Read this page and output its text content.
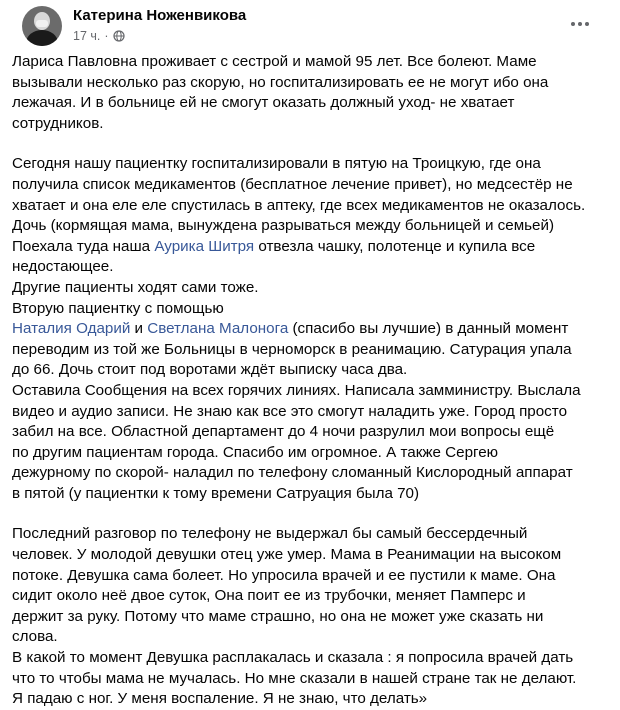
Катерина Ноженвикова
17 ч. ·
Лариса Павловна проживает с сестрой и мамой 95 лет. Все болеют. Маме
вызывали несколько раз скорую, но госпитализировать ее не могут ибо она
лежачая. И в больнице ей не смогут оказать должный уход- не хватает
сотрудников.
Сегодня нашу пациентку госпитализировали в пятую на Троицкую, где она
получила список медикаментов (бесплатное лечение привет), но медсестёр не
хватает и она еле еле спустилась в аптеку, где всех медикаментов не оказалось.
Дочь (кормящая мама, вынуждена разрываться между больницей и семьей)
Поехала туда наша Аурика Шитря отвезла чашку, полотенце и купила все
недостающее.
Другие пациенты ходят сами тоже.
Вторую пациентку с помощью
Наталия Одарий и Светлана Малонога (спасибо вы лучшие) в данный момент
переводим из той же Больницы в черноморск в реанимацию. Сатурация упала
до 66. Дочь стоит под воротами ждёт выписку часа два.
Оставила Сообщения на всех горячих линиях. Написала замминистру. Выслала
видео и аудио записи. Не знаю как все это смогут наладить уже. Город просто
забил на все. Областной департамент до 4 ночи разрулил мои вопросы ещё
по другим пациентам города. Спасибо им огромное. А также Сергею
дежурному по скорой- наладил по телефону сломанный Кислородный аппарат
в пятой (у пациентки к тому времени Сатруация была 70)
Последний разговор по телефону не выдержал бы самый бессердечный
человек. У молодой девушки отец уже умер. Мама в Реанимации на высоком
потоке. Девушка сама болеет. Но упросила врачей и ее пустили к маме. Она
сидит около неё двое суток, Она поит ее из трубочки, меняет Памперс и
держит за руку. Потому что маме страшно, но она не может уже сказать ни
слова.
В какой то момент Девушка расплакалась и сказала : я попросила врачей дать
что то чтобы мама не мучалась. Но мне сказали в нашей стране так не делают.
Я падаю с ног. У меня воспаление. Я не знаю, что делать»
